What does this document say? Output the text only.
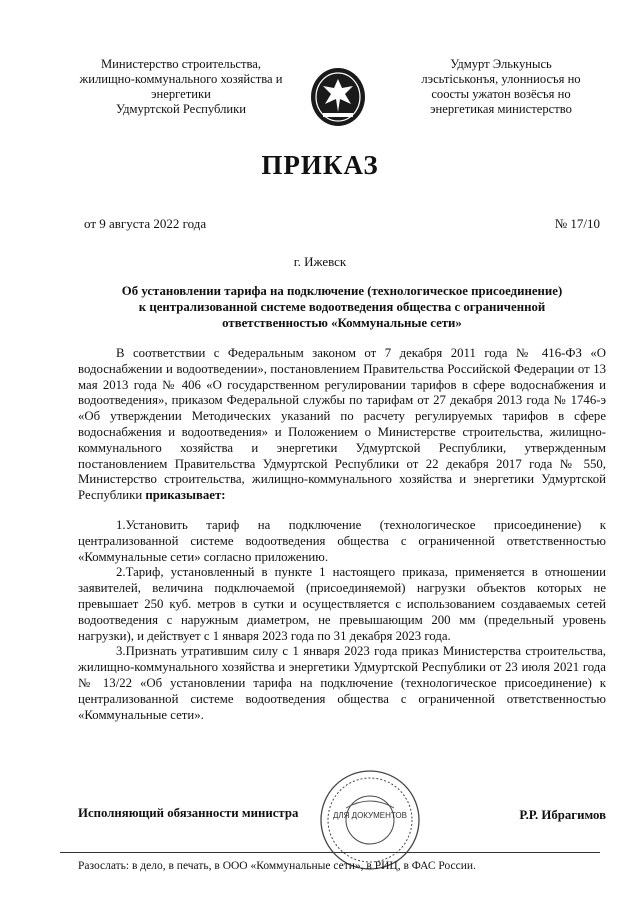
Министерство строительства,
жилищно-коммунального хозяйства и
энергетики
Удмуртской Республики
Удмурт Элькунысь
лэсьтiськонъя, улонниосъя но
сооcты ужатон возёсъя но
энергетикая министерство
ПРИКАЗ
от 9 августа 2022 года	№ 17/10
г. Ижевск
Об установлении тарифа на подключение (технологическое присоединение)
к централизованной системе водоотведения общества с ограниченной
ответственностью «Коммунальные сети»

В соответствии с Федеральным законом от 7 декабря 2011 года № 416-ФЗ «О водоснабжении и водоотведении», постановлением Правительства Российской Федерации от 13 мая 2013 года № 406 «О государственном регулировании тарифов в сфере водоснабжения и водоотведения», приказом Федеральной службы по тарифам от 27 декабря 2013 года № 1746-э «Об утверждении Методических указаний по расчету регулируемых тарифов в сфере водоснабжения и водоотведения» и Положением о Министерстве строительства, жилищно-коммунального хозяйства и энергетики Удмуртской Республики, утвержденным постановлением Правительства Удмуртской Республики от 22 декабря 2017 года № 550, Министерство строительства, жилищно-коммунального хозяйства и энергетики Удмуртской Республики приказывает:

1.Установить тариф на подключение (технологическое присоединение) к централизованной системе водоотведения общества с ограниченной ответственностью «Коммунальные сети» согласно приложению.

2.Тариф, установленный в пункте 1 настоящего приказа, применяется в отношении заявителей, величина подключаемой (присоединяемой) нагрузки объектов которых не превышает 250 куб. метров в сутки и осуществляется с использованием создаваемых сетей водоотведения с наружным диаметром, не превышающим 200 мм (предельный уровень нагрузки), и действует с 1 января 2023 года по 31 декабря 2023 года.

3.Признать утратившим силу с 1 января 2023 года приказ Министерства строительства, жилищно-коммунального хозяйства и энергетики Удмуртской Республики от 23 июля 2021 года № 13/22 «Об установлении тарифа на подключение (технологическое присоединение) к централизованной системе водоотведения общества с ограниченной ответственностью «Коммунальные сети».

Исполняющий обязанности министра	ДЛЯ ДОКУМЕНТОВ	Р.Р. Ибрагимов
Разослать: в дело, в печать, в ООО «Коммунальные сети», в РИЦ, в ФАС России.
